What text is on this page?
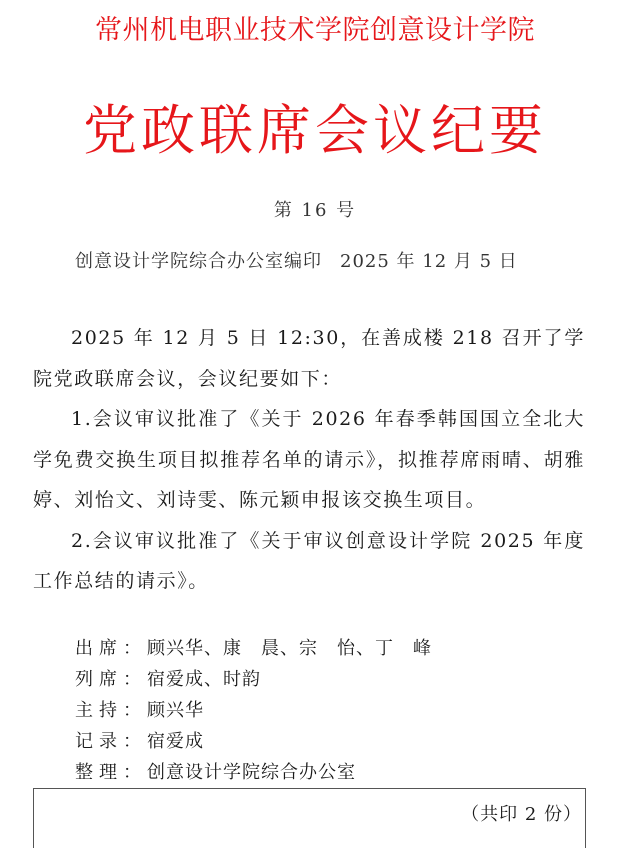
常州机电职业技术学院创意设计学院
党政联席会议纪要
第 16 号
创意设计学院综合办公室编印 2025 年 12 月 5 日

2025 年 12 月 5 日 12:30，在善成楼 218 召开了学院党政联席会议，会议纪要如下：

1.会议审议批准了《关于 2026 年春季韩国国立全北大学免费交换生项目拟推荐名单的请示》，拟推荐席雨晴、胡雅婷、刘怡文、刘诗雯、陈元颖申报该交换生项目。

2.会议审议批准了《关于审议创意设计学院 2025 年度工作总结的请示》。

出席：顾兴华、康　晨、宗　怡、丁　峰
列席：宿爱成、时韵
主持：顾兴华
记录：宿爱成
整理：创意设计学院综合办公室
（共印 2 份）
